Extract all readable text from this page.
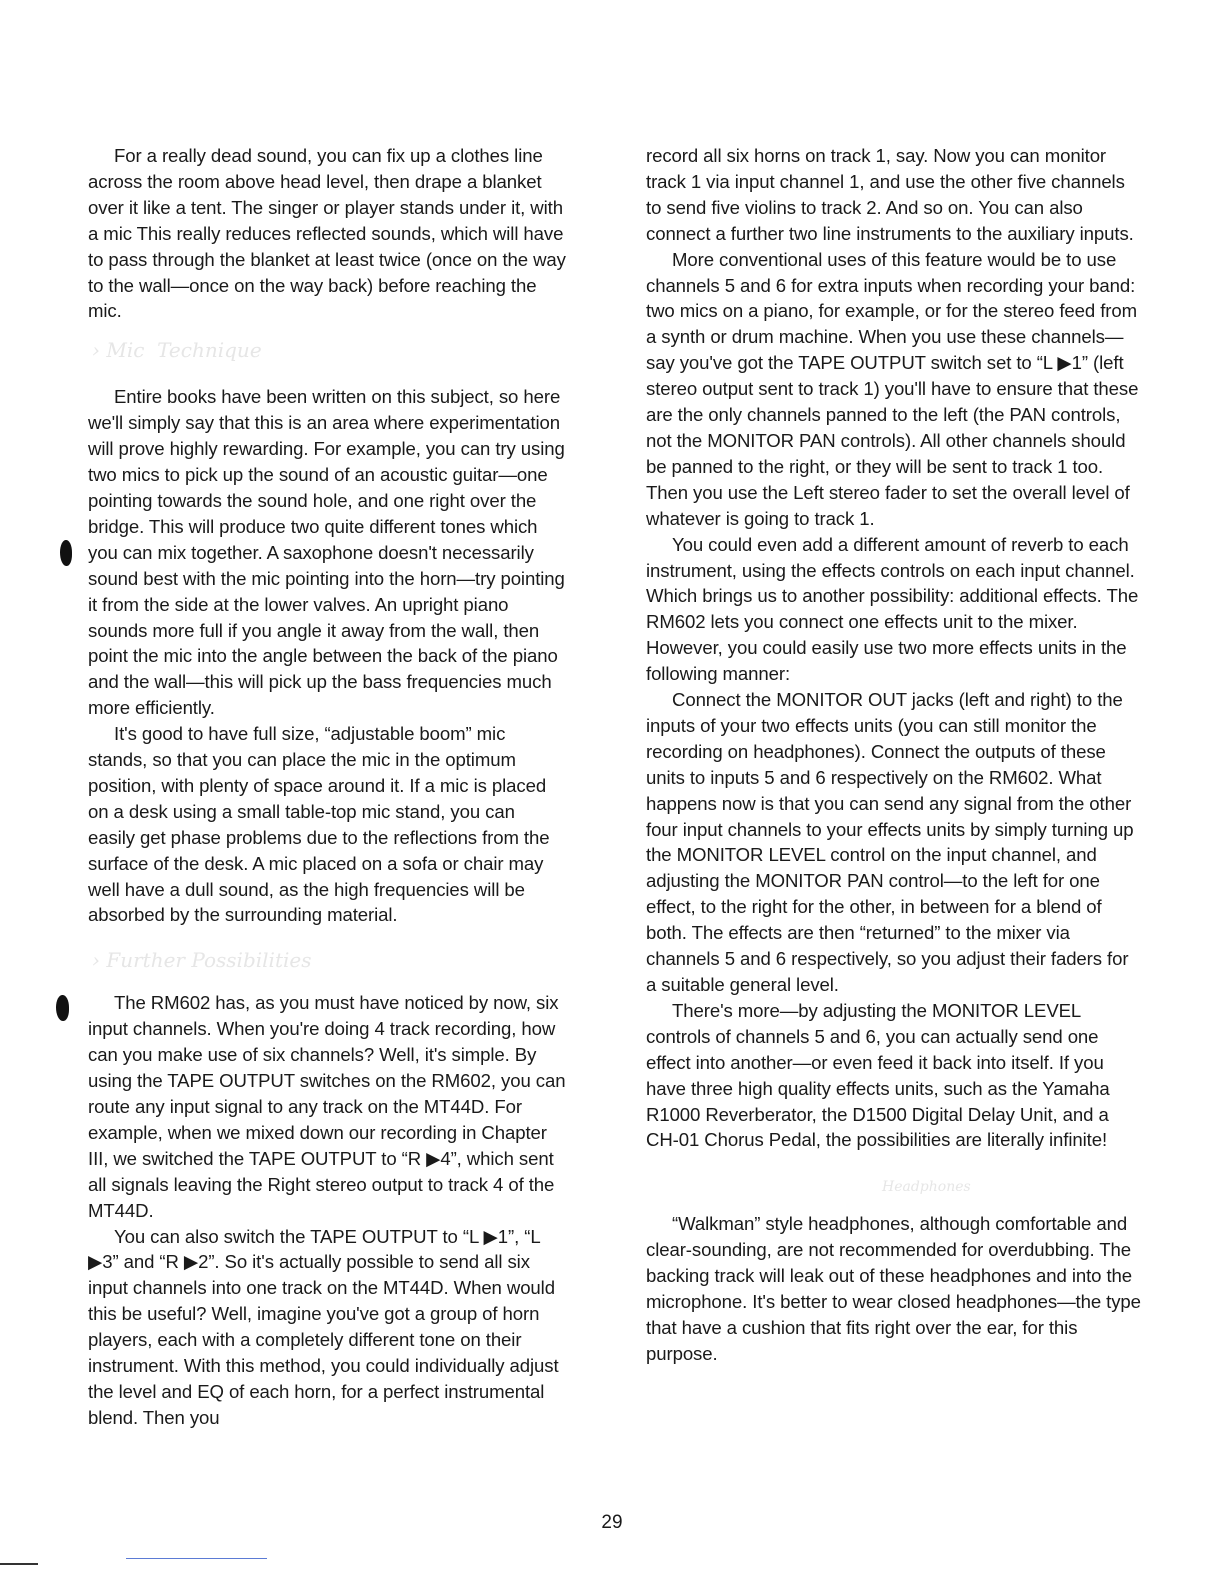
For a really dead sound, you can fix up a clothes line across the room above head level, then drape a blanket over it like a tent. The singer or player stands under it, with a mic This really reduces reflected sounds, which will have to pass through the blanket at least twice (once on the way to the wall—once on the way back) before reaching the mic.

› Mic  Technique

Entire books have been written on this subject, so here we'll simply say that this is an area where experimentation will prove highly rewarding. For example, you can try using two mics to pick up the sound of an acoustic guitar—one pointing towards the sound hole, and one right over the bridge. This will produce two quite different tones which you can mix together. A saxophone doesn't necessarily sound best with the mic pointing into the horn—try pointing it from the side at the lower valves. An upright piano sounds more full if you angle it away from the wall, then point the mic into the angle between the back of the piano and the wall—this will pick up the bass frequencies much more efficiently.

It's good to have full size, “adjustable boom” mic stands, so that you can place the mic in the optimum position, with plenty of space around it. If a mic is placed on a desk using a small table-top mic stand, you can easily get phase problems due to the reflections from the surface of the desk. A mic placed on a sofa or chair may well have a dull sound, as the high frequencies will be absorbed by the surrounding material.

› Further Possibilities

The RM602 has, as you must have noticed by now, six input channels. When you're doing 4 track recording, how can you make use of six channels? Well, it's simple. By using the TAPE OUTPUT switches on the RM602, you can route any input signal to any track on the MT44D. For example, when we mixed down our recording in Chapter III, we switched the TAPE OUTPUT to “R ▶4”, which sent all signals leaving the Right stereo output to track 4 of the MT44D.

You can also switch the TAPE OUTPUT to “L ▶1”, “L ▶3” and “R ▶2”. So it's actually possible to send all six input channels into one track on the MT44D. When would this be useful? Well, imagine you've got a group of horn players, each with a completely different tone on their instrument. With this method, you could individually adjust the level and EQ of each horn, for a perfect instrumental blend. Then you

record all six horns on track 1, say. Now you can monitor track 1 via input channel 1, and use the other five channels to send five violins to track 2. And so on. You can also connect a further two line instruments to the auxiliary inputs.

More conventional uses of this feature would be to use channels 5 and 6 for extra inputs when recording your band: two mics on a piano, for example, or for the stereo feed from a synth or drum machine. When you use these channels—say you've got the TAPE OUTPUT switch set to “L ▶1” (left stereo output sent to track 1) you'll have to ensure that these are the only channels panned to the left (the PAN controls, not the MONITOR PAN controls). All other channels should be panned to the right, or they will be sent to track 1 too. Then you use the Left stereo fader to set the overall level of whatever is going to track 1.

You could even add a different amount of reverb to each instrument, using the effects controls on each input channel. Which brings us to another possibility: additional effects. The RM602 lets you connect one effects unit to the mixer. However, you could easily use two more effects units in the following manner:

Connect the MONITOR OUT jacks (left and right) to the inputs of your two effects units (you can still monitor the recording on headphones). Connect the outputs of these units to inputs 5 and 6 respectively on the RM602. What happens now is that you can send any signal from the other four input channels to your effects units by simply turning up the MONITOR LEVEL control on the input channel, and adjusting the MONITOR PAN control—to the left for one effect, to the right for the other, in between for a blend of both. The effects are then “returned” to the mixer via channels 5 and 6 respectively, so you adjust their faders for a suitable general level.

There's more—by adjusting the MONITOR LEVEL controls of channels 5 and 6, you can actually send one effect into another—or even feed it back into itself. If you have three high quality effects units, such as the Yamaha R1000 Reverberator, the D1500 Digital Delay Unit, and a CH-01 Chorus Pedal, the possibilities are literally infinite!

Headphones

“Walkman” style headphones, although comfortable and clear-sounding, are not recommended for overdubbing. The backing track will leak out of these headphones and into the microphone. It's better to wear closed headphones—the type that have a cushion that fits right over the ear, for this purpose.

29
